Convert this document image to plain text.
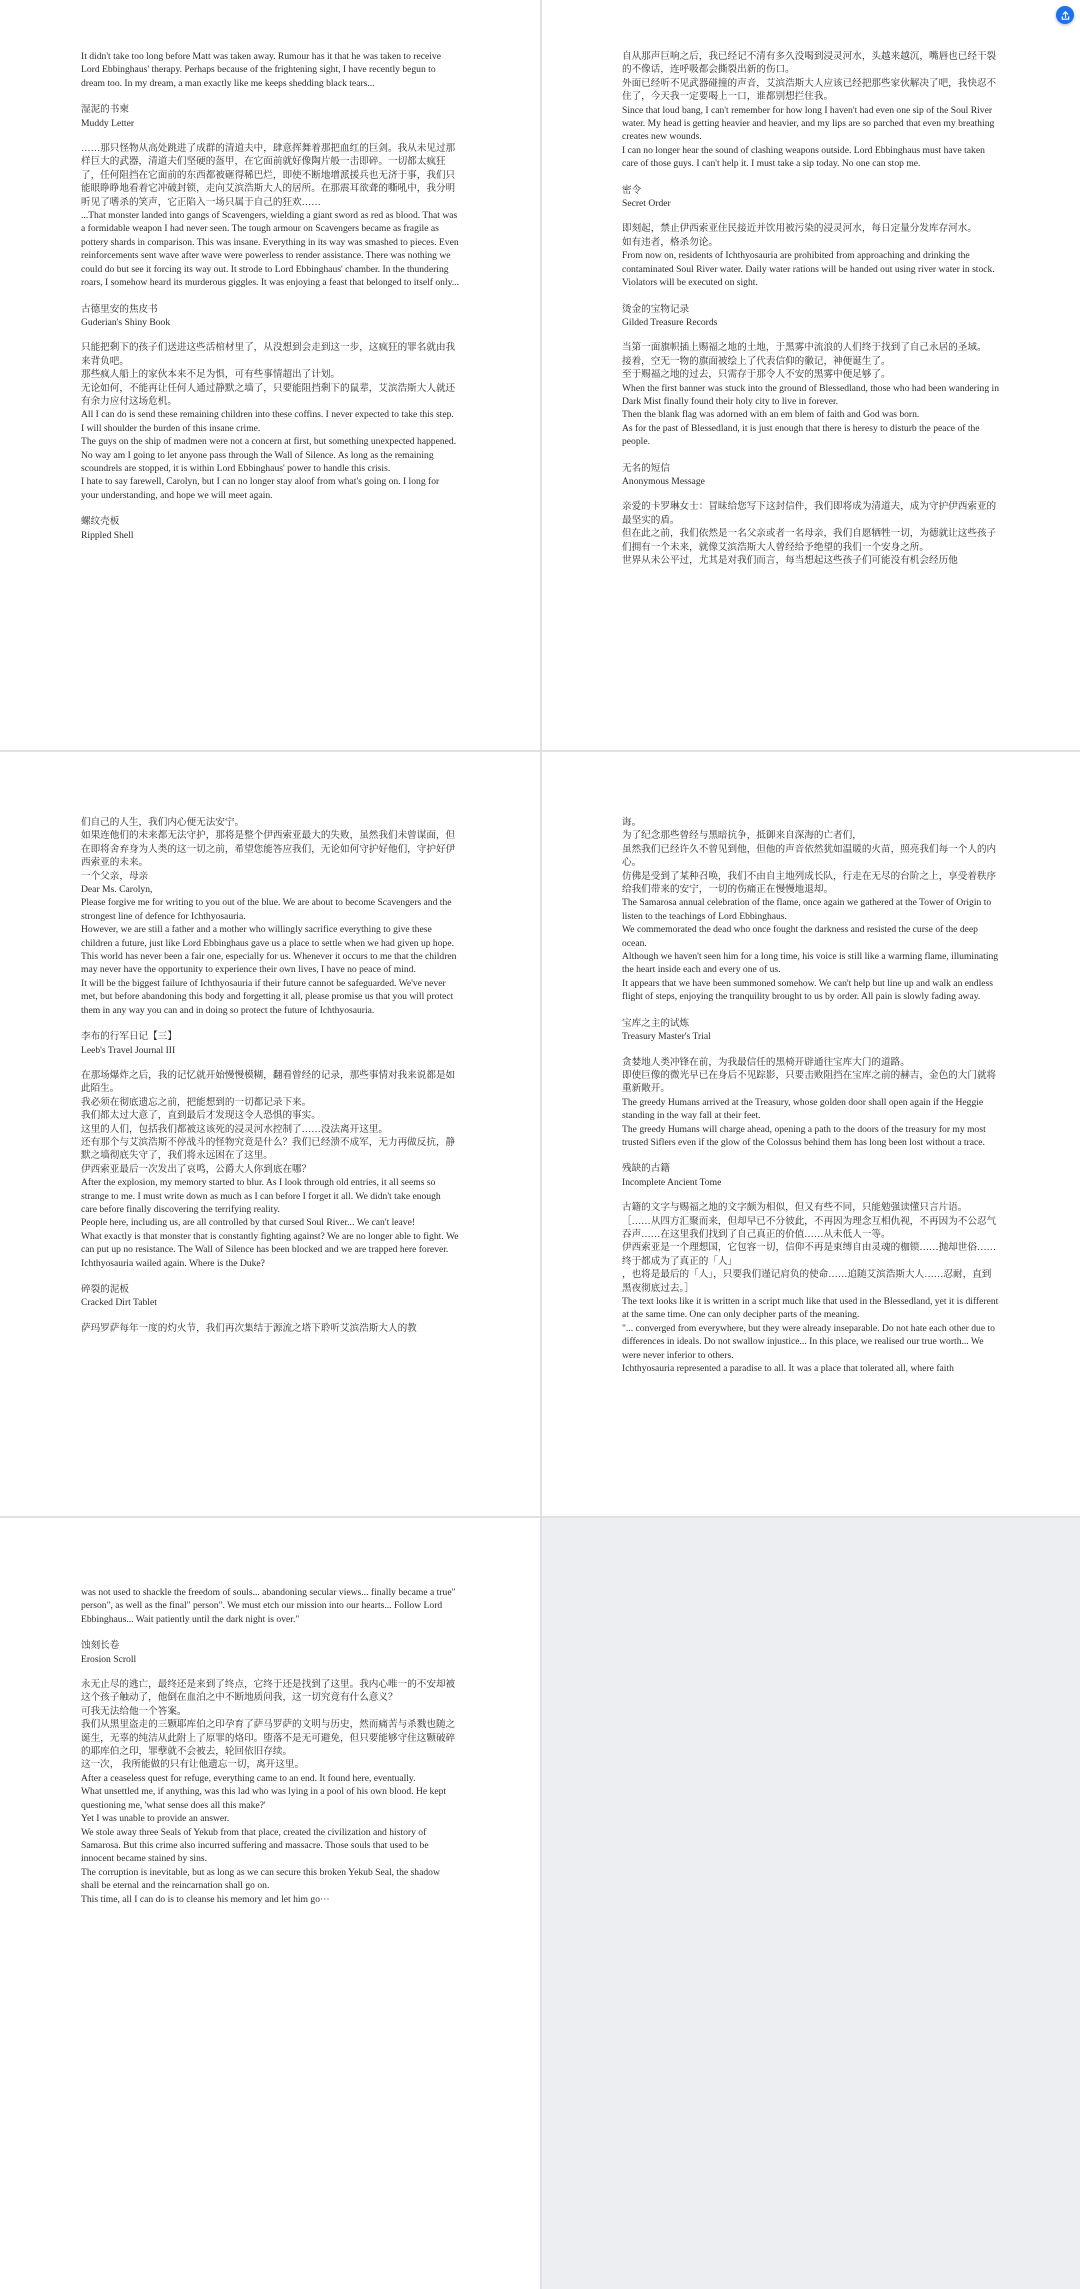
It didn't take too long before Matt was taken away. Rumour has it that he was taken to receive Lord Ebbinghaus' therapy. Perhaps because of the frightening sight, I have recently begun to dream too. In my dream, a man exactly like me keeps shedding black tears...

湿泥的书柬

Muddy Letter

……那只怪物从高处跳进了成群的清道夫中，肆意挥舞着那把血红的巨剑。我从未见过那样巨大的武器，清道夫们坚硬的盔甲，在它面前就好像陶片般一击即碎。一切都太疯狂了，任何阻挡在它面前的东西都被砸得稀巴烂，即使不断地增派援兵也无济于事，我们只能眼睁睁地看着它冲破封锁，走向艾滨浩斯大人的居所。在那震耳欲聋的嘶吼中，我分明听见了嗜杀的笑声，它正陷入一场只属于自己的狂欢……

...That monster landed into gangs of Scavengers, wielding a giant sword as red as blood. That was a formidable weapon I had never seen. The tough armour on Scavengers became as fragile as pottery shards in comparison. This was insane. Everything in its way was smashed to pieces. Even reinforcements sent wave after wave were powerless to render assistance. There was nothing we could do but see it forcing its way out. It strode to Lord Ebbinghaus' chamber. In the thundering roars, I somehow heard its murderous giggles. It was enjoying a feast that belonged to itself only...

古德里安的焦皮书

Guderian's Shiny Book

只能把剩下的孩子们送进这些活棺材里了，从没想到会走到这一步，这疯狂的罪名就由我来背负吧。

那些疯人船上的家伙本来不足为惧，可有些事情超出了计划。

无论如何，不能再让任何人通过静默之墙了，只要能阻挡剩下的鼠辈，艾滨浩斯大人就还有余力应付这场危机。

All I can do is send these remaining children into these coffins. I never expected to take this step. I will shoulder the burden of this insane crime.

The guys on the ship of madmen were not a concern at first, but something unexpected happened.

No way am I going to let anyone pass through the Wall of Silence. As long as the remaining scoundrels are stopped, it is within Lord Ebbinghaus' power to handle this crisis.

I hate to say farewell, Carolyn, but I can no longer stay aloof from what's going on. I long for your understanding, and hope we will meet again.

螺纹壳板

Rippled Shell

自从那声巨响之后，我已经记不清有多久没喝到浸灵河水，头越来越沉，嘴唇也已经干裂的不像话，连呼吸都会撕裂出新的伤口。

外面已经听不见武器碰撞的声音，艾滨浩斯大人应该已经把那些家伙解决了吧，我快忍不住了，今天我一定要喝上一口，谁都别想拦住我。

Since that loud bang, I can't remember for how long I haven't had even one sip of the Soul River water. My head is getting heavier and heavier, and my lips are so parched that even my breathing creates new wounds.

I can no longer hear the sound of clashing weapons outside. Lord Ebbinghaus must have taken care of those guys. I can't help it. I must take a sip today. No one can stop me.

密令

Secret Order

即刻起，禁止伊西索亚住民接近并饮用被污染的浸灵河水，每日定量分发库存河水。

如有违者，格杀勿论。

From now on, residents of Ichthyosauria are prohibited from approaching and drinking the contaminated Soul River water. Daily water rations will be handed out using river water in stock.

Violators will be executed on sight.

烫金的宝物记录

Gilded Treasure Records

当第一面旗帜插上赐福之地的土地，于黑雾中流浪的人们终于找到了自己永居的圣域。

接着，空无一物的旗面被绘上了代表信仰的徽记，神便诞生了。

至于赐福之地的过去，只需存于那令人不安的黑雾中便足够了。

When the first banner was stuck into the ground of Blessedland, those who had been wandering in Dark Mist finally found their holy city to live in forever.

Then the blank flag was adorned with an em blem of faith and God was born.

As for the past of Blessedland, it is just enough that there is heresy to disturb the peace of the people.

无名的短信

Anonymous Message

亲爱的卡罗琳女士：冒昧给您写下这封信件，我们即将成为清道夫，成为守护伊西索亚的最坚实的盾。

但在此之前，我们依然是一名父亲或者一名母亲，我们自愿牺牲一切，为德就让这些孩子们拥有一个未来，就像艾滨浩斯大人曾经给予绝望的我们一个安身之所。

世界从未公平过，尤其是对我们而言，每当想起这些孩子们可能没有机会经历他

们自己的人生，我们内心便无法安宁。

如果连他们的未来都无法守护，那将是整个伊西索亚最大的失败，虽然我们未曾谋面，但在即将舍弃身为人类的这一切之前，希望您能答应我们，无论如何守护好他们，守护好伊西索亚的未来。

一个父亲，母亲

Dear Ms. Carolyn,

Please forgive me for writing to you out of the blue. We are about to become Scavengers and the strongest line of defence for Ichthyosauria.

However, we are still a father and a mother who willingly sacrifice everything to give these children a future, just like Lord Ebbinghaus gave us a place to settle when we had given up hope.

This world has never been a fair one, especially for us. Whenever it occurs to me that the children may never have the opportunity to experience their own lives, I have no peace of mind.

It will be the biggest failure of Ichthyosauria if their future cannot be safeguarded. We've never met, but before abandoning this body and forgetting it all, please promise us that you will protect them in any way you can and in doing so protect the future of Ichthyosauria.

李布的行军日记【三】

Leeb's Travel Journal III

在那场爆炸之后，我的记忆就开始慢慢模糊，翻看曾经的记录，那些事情对我来说都是如此陌生。

我必须在彻底遗忘之前，把能想到的一切都记录下来。

我们都太过大意了，直到最后才发现这令人恐惧的事实。

这里的人们，包括我们都被这该死的浸灵河水控制了……没法离开这里。

还有那个与艾滨浩斯不停战斗的怪物究竟是什么？我们已经溃不成军，无力再做反抗，静默之墙彻底失守了，我们将永远困在了这里。

伊西索亚最后一次发出了哀鸣，公爵大人你到底在哪？

After the explosion, my memory started to blur. As I look through old entries, it all seems so strange to me. I must write down as much as I can before I forget it all. We didn't take enough care before finally discovering the terrifying reality.

People here, including us, are all controlled by that cursed Soul River... We can't leave!

What exactly is that monster that is constantly fighting against? We are no longer able to fight. We can put up no resistance. The Wall of Silence has been blocked and we are trapped here forever.

Ichthyosauria wailed again. Where is the Duke?

碎裂的泥板

Cracked Dirt Tablet

萨玛罗萨每年一度的灼火节，我们再次集结于源流之塔下聆听艾滨浩斯大人的教

诲。

为了纪念那些曾经与黑暗抗争，抵御来自深海的亡者们，

虽然我们已经许久不曾见到他，但他的声音依然犹如温暖的火苗，照亮我们每一个人的内心。

仿佛是受到了某种召唤，我们不由自主地列成长队，行走在无尽的台阶之上，享受着秩序给我们带来的安宁，一切的伤痛正在慢慢地退却。

The Samarosa annual celebration of the flame, once again we gathered at the Tower of Origin to listen to the teachings of Lord Ebbinghaus.

We commemorated the dead who once fought the darkness and resisted the curse of the deep ocean.

Although we haven't seen him for a long time, his voice is still like a warming flame, illuminating the heart inside each and every one of us.

It appears that we have been summoned somehow. We can't help but line up and walk an endless flight of steps, enjoying the tranquility brought to us by order. All pain is slowly fading away.

宝库之主的试炼

Treasury Master's Trial

贪婪地人类冲锋在前，为我最信任的黑椅开辟通往宝库大门的道路。

即使巨像的微光早已在身后不见踪影，只要击败阻挡在宝库之前的赫吉，金色的大门就将重新敞开。

The greedy Humans arrived at the Treasury, whose golden door shall open again if the Heggie standing in the way fall at their feet.

The greedy Humans will charge ahead, opening a path to the doors of the treasury for my most trusted Siflers even if the glow of the Colossus behind them has long been lost without a trace.

残缺的古籍

Incomplete Ancient Tome

古籍的文字与赐福之地的文字颇为相似，但又有些不同，只能勉强读懂只言片语。

［……从四方汇聚而来，但却早已不分彼此，不再因为理念互相仇视，不再因为不公忍气吞声……在这里我们找到了自己真正的价值……从未低人一等。

伊西索亚是一个理想国，它包容一切，信仰不再是束缚自由灵魂的枷锁……抛却世俗……终于都成为了真正的「人」

，也将是最后的「人」，只要我们谨记肩负的使命……追随艾滨浩斯大人……忍耐，直到黑夜彻底过去。］

The text looks like it is written in a script much like that used in the Blessedland, yet it is different at the same time. One can only decipher parts of the meaning.

"... converged from everywhere, but they were already inseparable. Do not hate each other due to differences in ideals. Do not swallow injustice... In this place, we realised our true worth... We were never inferior to others.

Ichthyosauria represented a paradise to all. It was a place that tolerated all, where faith

was not used to shackle the freedom of souls... abandoning secular views... finally became a true" person", as well as the final" person". We must etch our mission into our hearts... Follow Lord Ebbinghaus... Wait patiently until the dark night is over."

蚀刻长卷

Erosion Scroll

永无止尽的逃亡，最终还是来到了终点，它终于还是找到了这里。我内心唯一的不安却被这个孩子触动了，他倒在血泊之中不断地质问我，这一切究竟有什么意义？

可我无法给他一个答案。

我们从黑里盗走的三颗耶库伯之印孕育了萨马罗萨的文明与历史，然而痛苦与杀戮也随之诞生，无辜的纯洁从此附上了原罪的烙印。堕落不是无可避免，但只要能够守住这颗破碎的耶库伯之印，罪孽就不会被去，轮回依旧存续。

这一次， 我所能做的只有让他遗忘一切，离开这里。

After a ceaseless quest for refuge, everything came to an end. It found here, eventually.

What unsettled me, if anything, was this lad who was lying in a pool of his own blood. He kept questioning me, 'what sense does all this make?'

Yet I was unable to provide an answer.

We stole away three Seals of Yekub from that place, created the civilization and history of Samarosa. But this crime also incurred suffering and massacre. Those souls that used to be innocent became stained by sins.

The corruption is inevitable, but as long as we can secure this broken Yekub Seal, the shadow shall be eternal and the reincarnation shall go on.

This time, all I can do is to cleanse his memory and let him go···
